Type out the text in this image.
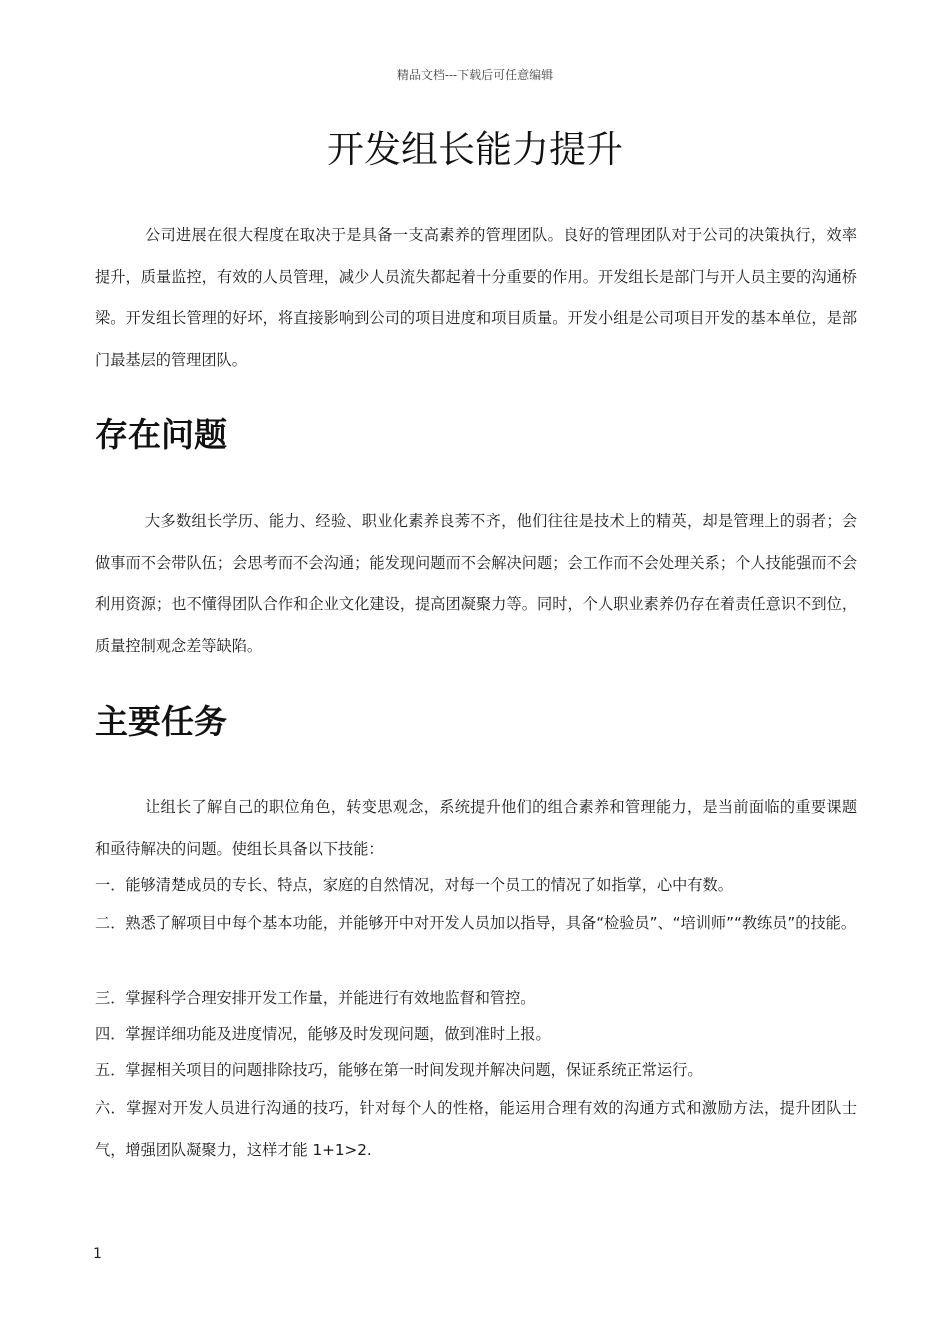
精品文档---下载后可任意编辑
开发组长能力提升

公司进展在很大程度在取决于是具备一支高素养的管理团队。良好的管理团队对于公司的决策执行，效率提升，质量监控，有效的人员管理，减少人员流失都起着十分重要的作用。开发组长是部门与开人员主要的沟通桥梁。开发组长管理的好坏，将直接影响到公司的项目进度和项目质量。开发小组是公司项目开发的基本单位，是部门最基层的管理团队。

存在问题

大多数组长学历、能力、经验、职业化素养良莠不齐，他们往往是技术上的精英，却是管理上的弱者；会做事而不会带队伍；会思考而不会沟通；能发现问题而不会解决问题；会工作而不会处理关系；个人技能强而不会利用资源；也不懂得团队合作和企业文化建设，提高团凝聚力等。同时，个人职业素养仍存在着责任意识不到位，质量控制观念差等缺陷。

主要任务

让组长了解自己的职位角色，转变思观念，系统提升他们的组合素养和管理能力，是当前面临的重要课题和亟待解决的问题。使组长具备以下技能：

一．能够清楚成员的专长、特点，家庭的自然情况，对每一个员工的情况了如指掌，心中有数。

二．熟悉了解项目中每个基本功能，并能够开中对开发人员加以指导，具备“检验员”、“培训师”“教练员”的技能。

三．掌握科学合理安排开发工作量，并能进行有效地监督和管控。

四．掌握详细功能及进度情况，能够及时发现问题，做到准时上报。

五．掌握相关项目的问题排除技巧，能够在第一时间发现并解决问题，保证系统正常运行。

六．掌握对开发人员进行沟通的技巧，针对每个人的性格，能运用合理有效的沟通方式和激励方法，提升团队士气，增强团队凝聚力，这样才能 1+1>2.

1
